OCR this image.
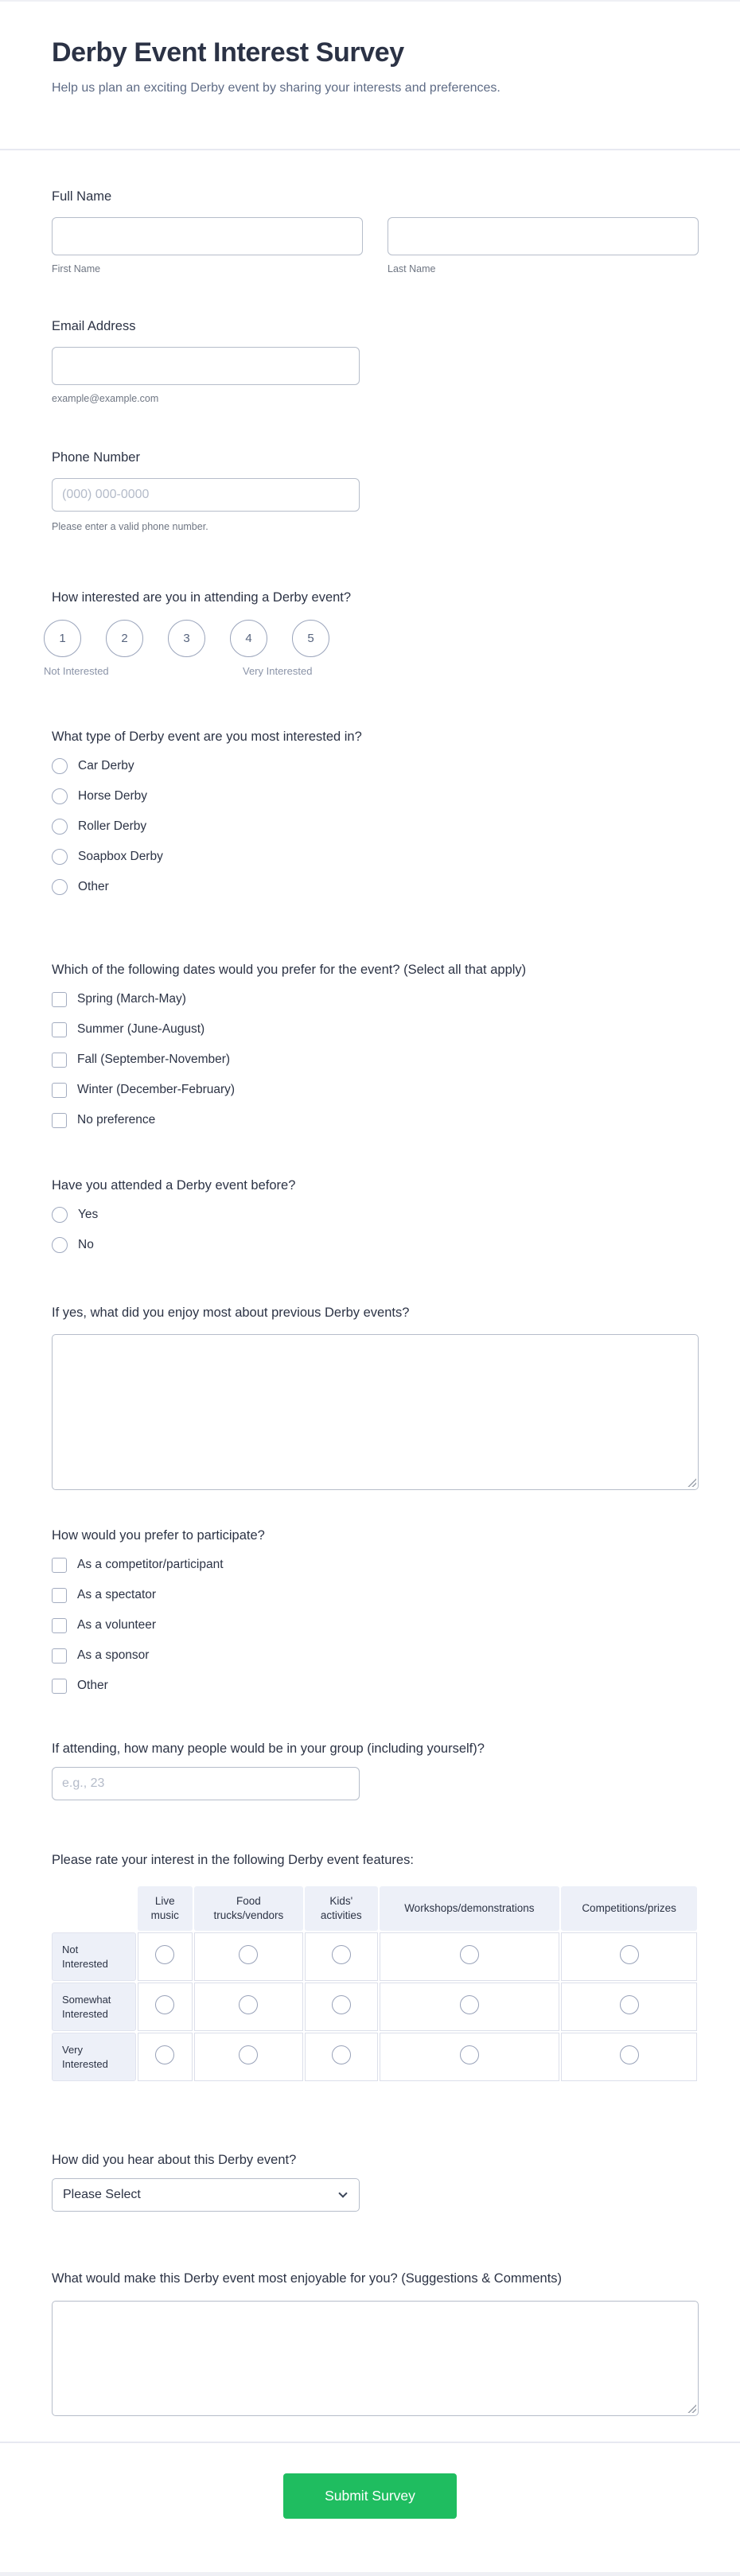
Derby Event Interest Survey
Help us plan an exciting Derby event by sharing your interests and preferences.
Full Name
First Name	Last Name
Email Address
example@example.com
Phone Number
(000) 000-0000
Please enter a valid phone number.
How interested are you in attending a Derby event?
1	2	3	4	5
Not Interested	Very Interested
What type of Derby event are you most interested in?
Car Derby
Horse Derby
Roller Derby
Soapbox Derby
Other
Which of the following dates would you prefer for the event? (Select all that apply)
Spring (March-May)
Summer (June-August)
Fall (September-November)
Winter (December-February)
No preference
Have you attended a Derby event before?
Yes
No
If yes, what did you enjoy most about previous Derby events?
How would you prefer to participate?
As a competitor/participant
As a spectator
As a volunteer
As a sponsor
Other
If attending, how many people would be in your group (including yourself)?
e.g., 23
Please rate your interest in the following Derby event features:
	Live music	Food trucks/vendors	Kids' activities	Workshops/demonstrations	Competitions/prizes
Not Interested					
Somewhat Interested					
Very Interested					
How did you hear about this Derby event?
Please Select
What would make this Derby event most enjoyable for you? (Suggestions & Comments)
Submit Survey
